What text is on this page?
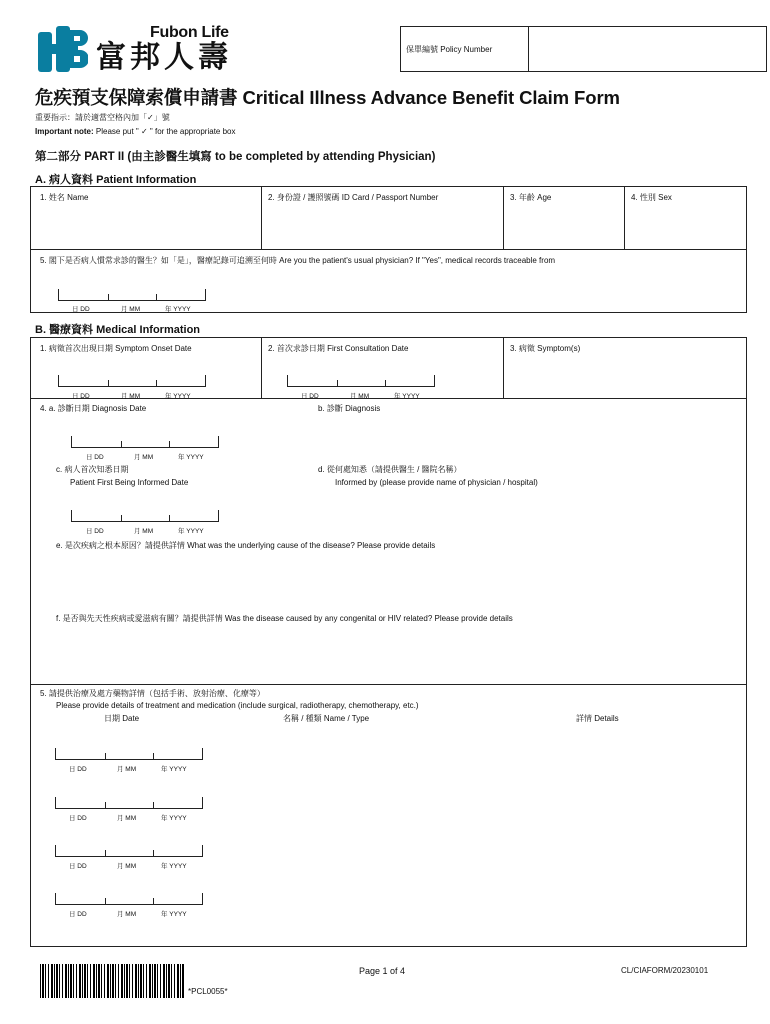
Fubon Life
富邦人壽	保單編號 Policy Number
危疾預支保障索償申請書 Critical Illness Advance Benefit Claim Form
重要指示：請於適當空格內加「✓」號
Important note: Please put " ✓ " for the appropriate box
第二部分 PART II (由主診醫生填寫 to be completed by attending Physician)
A. 病人資料 Patient Information
1. 姓名 Name	2. 身份證 / 護照號碼 ID Card / Passport Number	3. 年齡 Age	4. 性別 Sex
5. 閣下是否病人慣常求診的醫生？如「是」，醫療記錄可追溯至何時 Are you the patient's usual physician? If "Yes", medical records traceable from
日 DD	月 MM	年 YYYY
B. 醫療資料 Medical Information
1. 病徵首次出現日期 Symptom Onset Date
日 DD	月 MM	年 YYYY
2. 首次求診日期 First Consultation Date
日 DD	月 MM	年 YYYY
3. 病徵 Symptom(s)
4. a. 診斷日期 Diagnosis Date
日 DD	月 MM	年 YYYY
b. 診斷 Diagnosis
c. 病人首次知悉日期
Patient First Being Informed Date
日 DD	月 MM	年 YYYY
d. 從何處知悉（請提供醫生 / 醫院名稱）
Informed by (please provide name of physician / hospital)
e. 是次疾病之根本原因？請提供詳情 What was the underlying cause of the disease? Please provide details
f. 是否與先天性疾病或愛滋病有關？請提供詳情 Was the disease caused by any congenital or HIV related? Please provide details
5. 請提供治療及處方藥物詳情（包括手術、放射治療、化療等）
Please provide details of treatment and medication (include surgical, radiotherapy, chemotherapy, etc.)
日期 Date	名稱 / 種類 Name / Type	詳情 Details
日 DD	月 MM	年 YYYY
日 DD	月 MM	年 YYYY
日 DD	月 MM	年 YYYY
日 DD	月 MM	年 YYYY
*PCL0055*
Page 1 of 4	CL/CIAFORM/20230101
